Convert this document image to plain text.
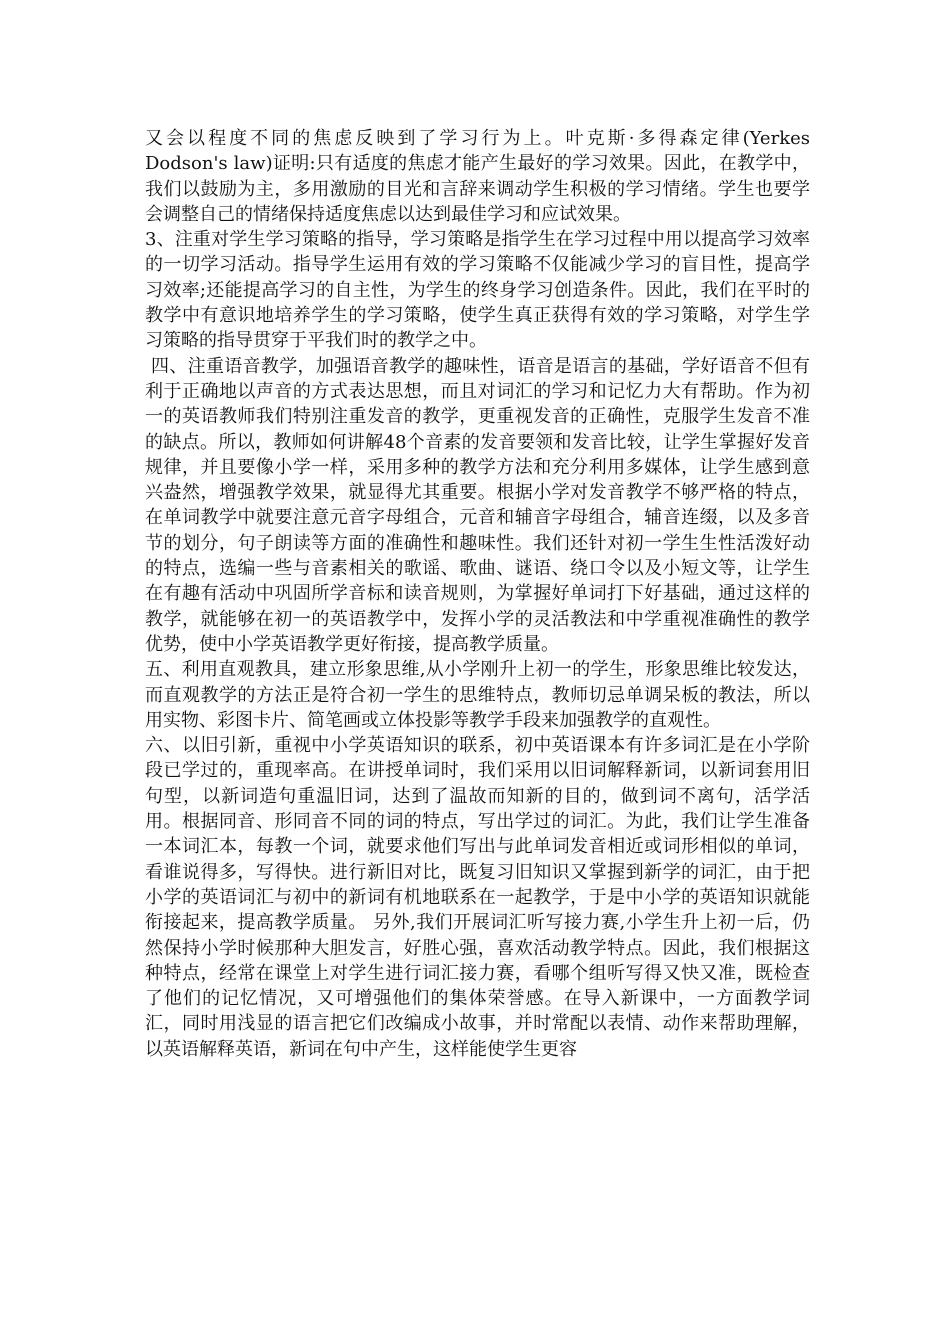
又会以程度不同的焦虑反映到了学习行为上。叶克斯·多得森定律(Yerkes Dodson's law)证明:只有适度的焦虑才能产生最好的学习效果。因此，在教学中，我们以鼓励为主，多用激励的目光和言辞来调动学生积极的学习情绪。学生也要学会调整自己的情绪保持适度焦虑以达到最佳学习和应试效果。

3、注重对学生学习策略的指导，学习策略是指学生在学习过程中用以提高学习效率的一切学习活动。指导学生运用有效的学习策略不仅能减少学习的盲目性，提高学习效率;还能提高学习的自主性，为学生的终身学习创造条件。因此，我们在平时的教学中有意识地培养学生的学习策略，使学生真正获得有效的学习策略，对学生学习策略的指导贯穿于平我们时的教学之中。

四、注重语音教学，加强语音教学的趣味性，语音是语言的基础，学好语音不但有利于正确地以声音的方式表达思想，而且对词汇的学习和记忆力大有帮助。作为初一的英语教师我们特别注重发音的教学，更重视发音的正确性，克服学生发音不准的缺点。所以，教师如何讲解48个音素的发音要领和发音比较，让学生掌握好发音规律，并且要像小学一样，采用多种的教学方法和充分利用多媒体，让学生感到意兴盎然，增强教学效果，就显得尤其重要。根据小学对发音教学不够严格的特点，在单词教学中就要注意元音字母组合，元音和辅音字母组合，辅音连缀，以及多音节的划分，句子朗读等方面的准确性和趣味性。我们还针对初一学生生性活泼好动的特点，选编一些与音素相关的歌谣、歌曲、谜语、绕口令以及小短文等，让学生在有趣有活动中巩固所学音标和读音规则，为掌握好单词打下好基础，通过这样的教学，就能够在初一的英语教学中，发挥小学的灵活教法和中学重视准确性的教学优势，使中小学英语教学更好衔接，提高教学质量。

五、利用直观教具，建立形象思维,从小学刚升上初一的学生，形象思维比较发达，而直观教学的方法正是符合初一学生的思维特点，教师切忌单调呆板的教法，所以用实物、彩图卡片、简笔画或立体投影等教学手段来加强教学的直观性。

六、以旧引新，重视中小学英语知识的联系，初中英语课本有许多词汇是在小学阶段已学过的，重现率高。在讲授单词时，我们采用以旧词解释新词，以新词套用旧句型，以新词造句重温旧词，达到了温故而知新的目的，做到词不离句，活学活用。根据同音、形同音不同的词的特点，写出学过的词汇。为此，我们让学生准备一本词汇本，每教一个词，就要求他们写出与此单词发音相近或词形相似的单词，看谁说得多，写得快。进行新旧对比，既复习旧知识又掌握到新学的词汇，由于把小学的英语词汇与初中的新词有机地联系在一起教学，于是中小学的英语知识就能衔接起来，提高教学质量。 另外,我们开展词汇听写接力赛,小学生升上初一后，仍然保持小学时候那种大胆发言，好胜心强，喜欢活动教学特点。因此，我们根据这种特点，经常在课堂上对学生进行词汇接力赛，看哪个组听写得又快又准，既检查了他们的记忆情况，又可增强他们的集体荣誉感。在导入新课中，一方面教学词汇，同时用浅显的语言把它们改编成小故事，并时常配以表情、动作来帮助理解，以英语解释英语，新词在句中产生，这样能使学生更容
